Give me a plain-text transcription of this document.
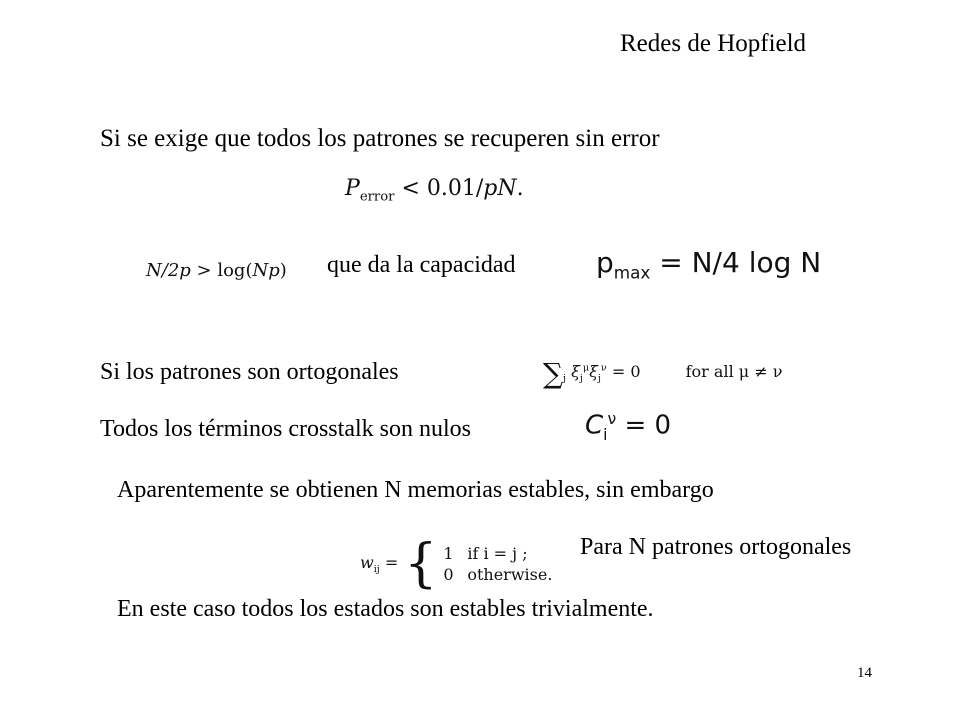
Redes de Hopfield
Si se exige que todos los patrones se recuperen sin error
$P_{error} < 0.01/pN$.
N/2p > log(Np) que da la capacidad	$p_{max} = N/4$ log N
Si los patrones son ortogonales	$\sum_j$ $\xi_j^\mu\xi_j^\nu = 0$	for all μ ≠ ν
Todos los términos crosstalk son nulos	$C_i^\nu = 0$
Aparentemente se obtienen N memorias estables, sin embargo
$w_{ij}$ = { 1 if i = j ;
0 otherwise.
Para N patrones ortogonales
En este caso todos los estados son estables trivialmente.
14
